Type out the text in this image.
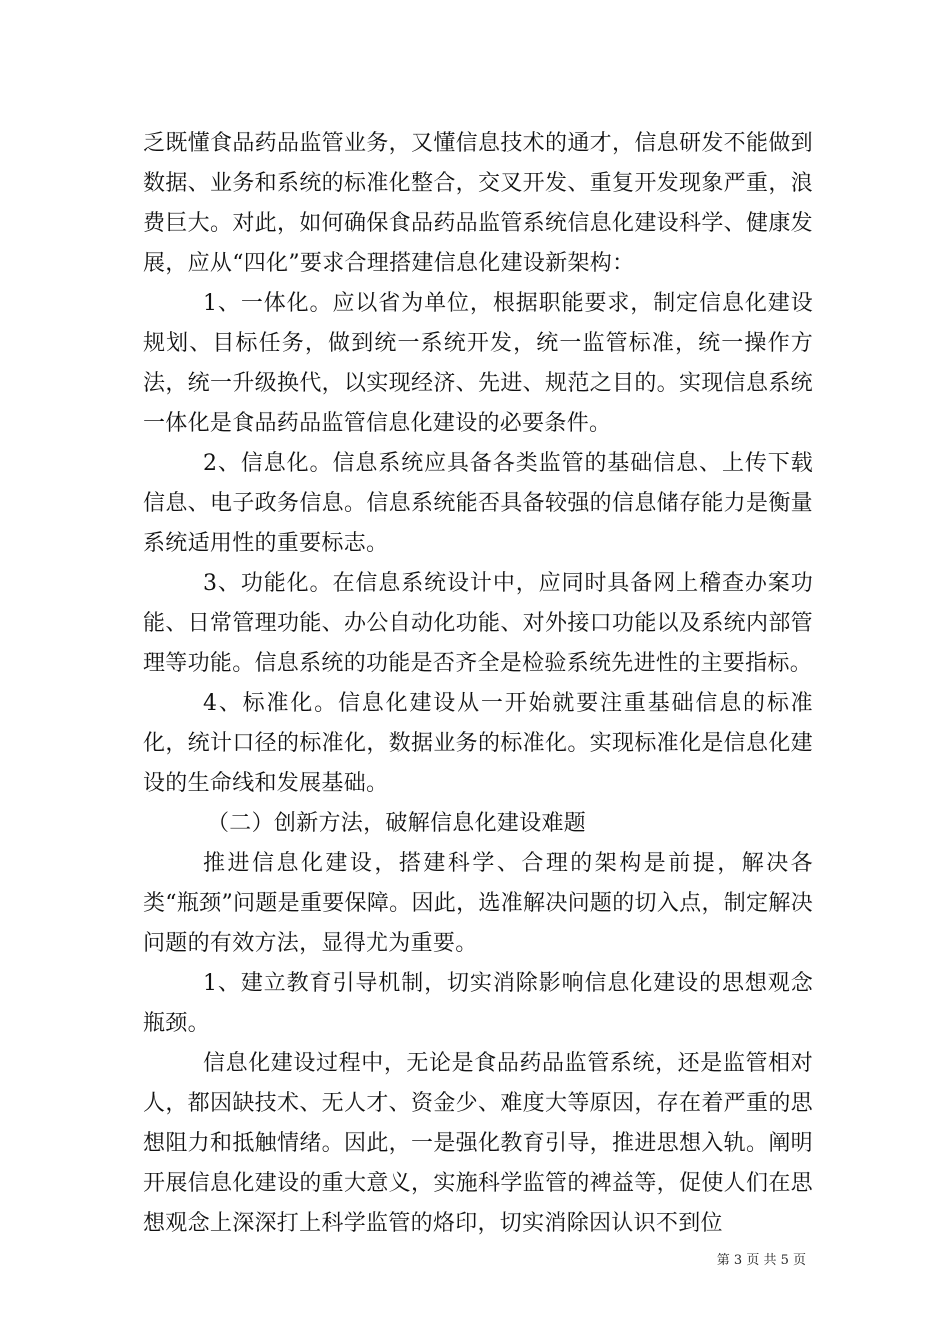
乏既懂食品药品监管业务，又懂信息技术的通才，信息研发不能做到数据、业务和系统的标准化整合，交叉开发、重复开发现象严重，浪费巨大。对此，如何确保食品药品监管系统信息化建设科学、健康发展，应从“四化”要求合理搭建信息化建设新架构：

1、一体化。应以省为单位，根据职能要求，制定信息化建设规划、目标任务，做到统一系统开发，统一监管标准，统一操作方法，统一升级换代，以实现经济、先进、规范之目的。实现信息系统一体化是食品药品监管信息化建设的必要条件。

2、信息化。信息系统应具备各类监管的基础信息、上传下载信息、电子政务信息。信息系统能否具备较强的信息储存能力是衡量系统适用性的重要标志。

3、功能化。在信息系统设计中，应同时具备网上稽查办案功能、日常管理功能、办公自动化功能、对外接口功能以及系统内部管理等功能。信息系统的功能是否齐全是检验系统先进性的主要指标。

4、标准化。信息化建设从一开始就要注重基础信息的标准化，统计口径的标准化，数据业务的标准化。实现标准化是信息化建设的生命线和发展基础。

（二）创新方法，破解信息化建设难题

推进信息化建设，搭建科学、合理的架构是前提，解决各类“瓶颈”问题是重要保障。因此，选准解决问题的切入点，制定解决问题的有效方法，显得尤为重要。

1、建立教育引导机制，切实消除影响信息化建设的思想观念瓶颈。

信息化建设过程中，无论是食品药品监管系统，还是监管相对人，都因缺技术、无人才、资金少、难度大等原因，存在着严重的思想阻力和抵触情绪。因此，一是强化教育引导，推进思想入轨。阐明开展信息化建设的重大意义，实施科学监管的裨益等，促使人们在思想观念上深深打上科学监管的烙印，切实消除因认识不到位

第 3 页 共 5 页
